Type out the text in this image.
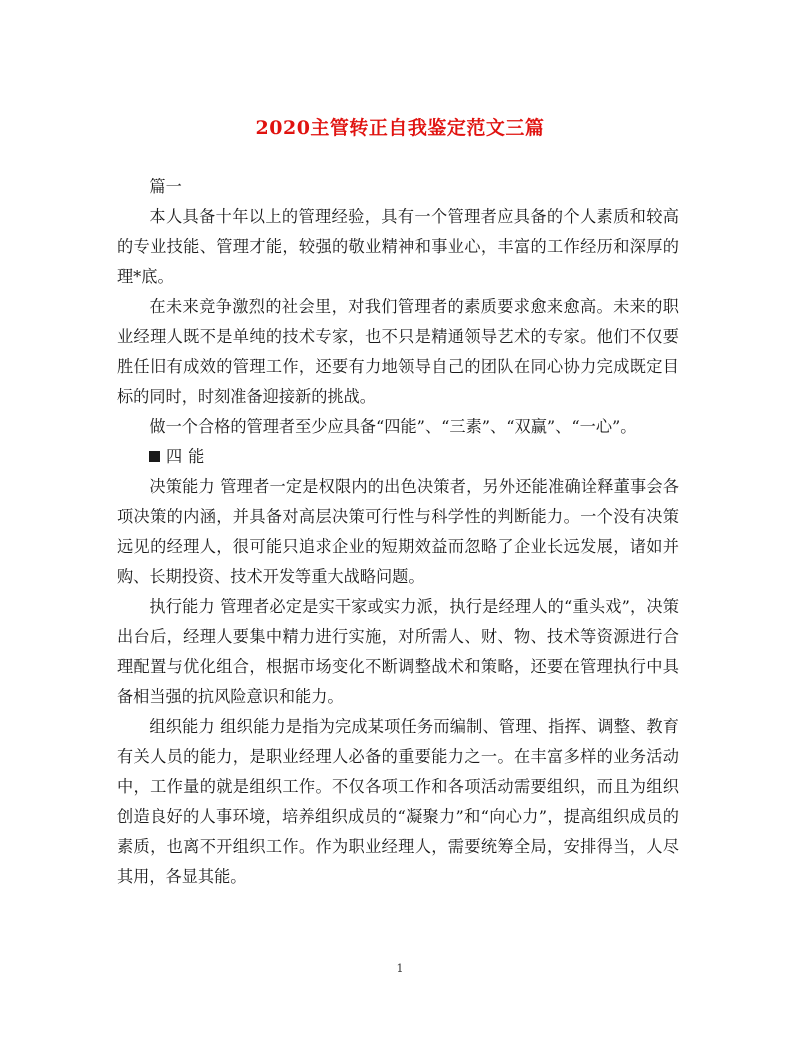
2020主管转正自我鉴定范文三篇

篇一

本人具备十年以上的管理经验，具有一个管理者应具备的个人素质和较高的专业技能、管理才能，较强的敬业精神和事业心，丰富的工作经历和深厚的理*底。

在未来竞争激烈的社会里，对我们管理者的素质要求愈来愈高。未来的职业经理人既不是单纯的技术专家，也不只是精通领导艺术的专家。他们不仅要胜任旧有成效的管理工作，还要有力地领导自己的团队在同心协力完成既定目标的同时，时刻准备迎接新的挑战。

做一个合格的管理者至少应具备“四能”、“三素”、“双赢”、“一心”。

四能

决策能力 管理者一定是权限内的出色决策者，另外还能准确诠释董事会各项决策的内涵，并具备对高层决策可行性与科学性的判断能力。一个没有决策远见的经理人，很可能只追求企业的短期效益而忽略了企业长远发展，诸如并购、长期投资、技术开发等重大战略问题。

执行能力 管理者必定是实干家或实力派，执行是经理人的“重头戏”，决策出台后，经理人要集中精力进行实施，对所需人、财、物、技术等资源进行合理配置与优化组合，根据市场变化不断调整战术和策略，还要在管理执行中具备相当强的抗风险意识和能力。

组织能力 组织能力是指为完成某项任务而编制、管理、指挥、调整、教育有关人员的能力，是职业经理人必备的重要能力之一。在丰富多样的业务活动中，工作量的就是组织工作。不仅各项工作和各项活动需要组织，而且为组织创造良好的人事环境，培养组织成员的“凝聚力”和“向心力”，提高组织成员的素质，也离不开组织工作。作为职业经理人，需要统筹全局，安排得当，人尽其用，各显其能。

1
